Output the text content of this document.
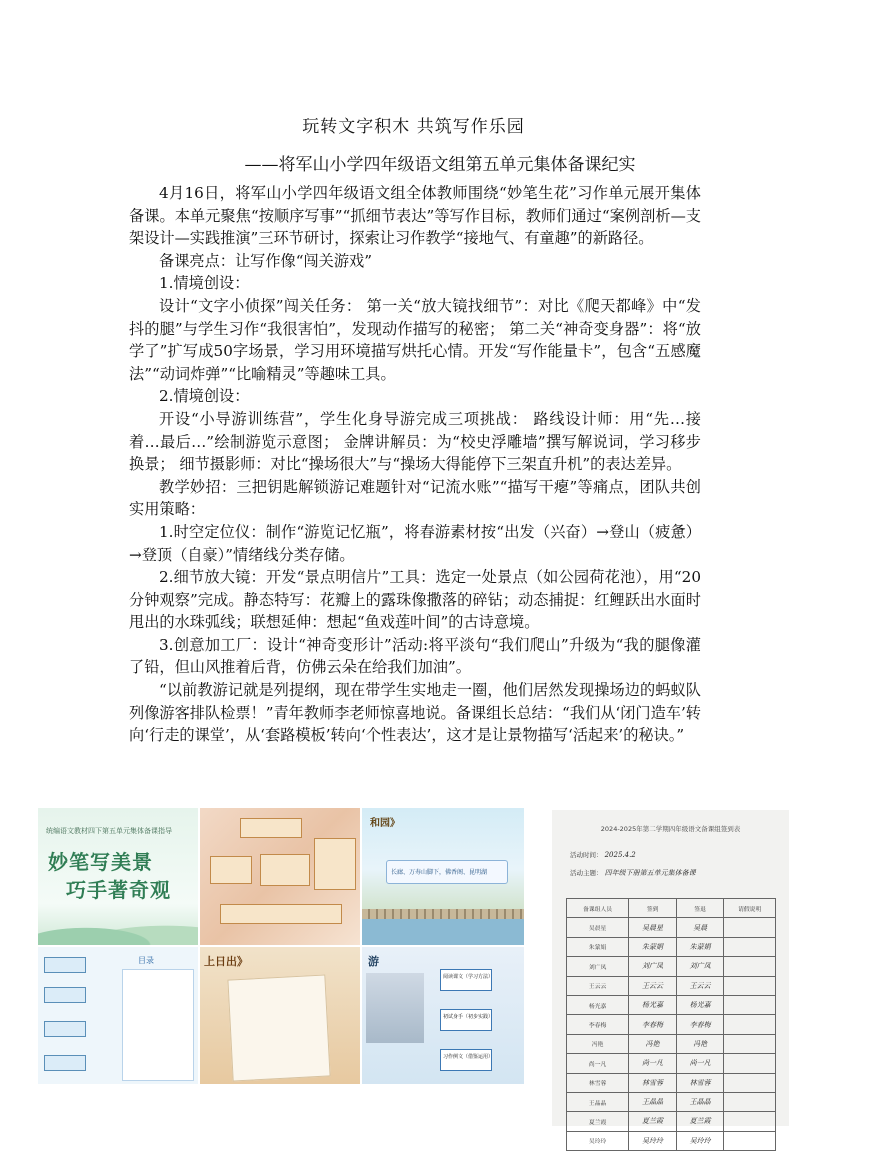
玩转文字积木 共筑写作乐园
——将军山小学四年级语文组第五单元集体备课纪实

4月16日，将军山小学四年级语文组全体教师围绕“妙笔生花”习作单元展开集体备课。本单元聚焦“按顺序写事”“抓细节表达”等写作目标，教师们通过“案例剖析—支架设计—实践推演”三环节研讨，探索让习作教学“接地气、有童趣”的新路径。

备课亮点：让写作像“闯关游戏”

1.情境创设：

设计“文字小侦探”闯关任务： 第一关“放大镜找细节”：对比《爬天都峰》中“发抖的腿”与学生习作“我很害怕”，发现动作描写的秘密； 第二关“神奇变身器”：将“放学了”扩写成50字场景，学习用环境描写烘托心情。开发“写作能量卡”，包含“五感魔法”“动词炸弹”“比喻精灵”等趣味工具。

2.情境创设：

开设“小导游训练营”，学生化身导游完成三项挑战： 路线设计师：用“先…接着…最后…”绘制游览示意图； 金牌讲解员：为“校史浮雕墙”撰写解说词，学习移步换景； 细节摄影师：对比“操场很大”与“操场大得能停下三架直升机”的表达差异。

教学妙招：三把钥匙解锁游记难题针对“记流水账”“描写干瘪”等痛点，团队共创实用策略：

1.时空定位仪：制作“游览记忆瓶”，将春游素材按“出发（兴奋）→登山（疲惫）→登顶（自豪）”情绪线分类存储。

2.细节放大镜：开发“景点明信片”工具：选定一处景点（如公园荷花池），用“20分钟观察”完成。静态特写：花瓣上的露珠像撒落的碎钻；动态捕捉：红鲤跃出水面时甩出的水珠弧线；联想延伸：想起“鱼戏莲叶间”的古诗意境。

3.创意加工厂：设计“神奇变形计”活动:将平淡句“我们爬山”升级为“我的腿像灌了铅，但山风推着后背，仿佛云朵在给我们加油”。

“以前教游记就是列提纲，现在带学生实地走一圈，他们居然发现操场边的蚂蚁队列像游客排队检票！”青年教师李老师惊喜地说。备课组长总结：“我们从‘闭门造车’转向‘行走的课堂’，从‘套路模板’转向‘个性表达’，这才是让景物描写‘活起来’的秘诀。”

统编语文教材四下第五单元集体备课指导
妙笔写美景
巧手著奇观
和园》
长廊、万寿山脚下，佛香阁、昆明湖
目录	上日出》	游
阅读课文（学习方法）
初试身手（初步实践）
习作例文（借鉴运用）
2024-2025年第二学期四年级语文备课组签到表
活动时间： 2025.4.2
活动主题： 四年级下册第五单元集体备课
备课组人员	签到	签退	请假说明
吴晨星	吴晨星	吴晨	
朱蒙娟	朱蒙娟	朱蒙娟	
刘广凤	刘广凤	刘广凤	
王云云	王云云	王云云	
杨光嘉	杨光嘉	杨光嘉	
李春梅	李春梅	李春梅	
冯艳	冯艳	冯艳	
尚一凡	尚一凡	尚一凡	
林雪蓉	林雪蓉	林雪蓉	
王晶晶	王晶晶	王晶晶	
夏兰霞	夏兰霞	夏兰霞	
吴玲玲	吴玲玲	吴玲玲	
